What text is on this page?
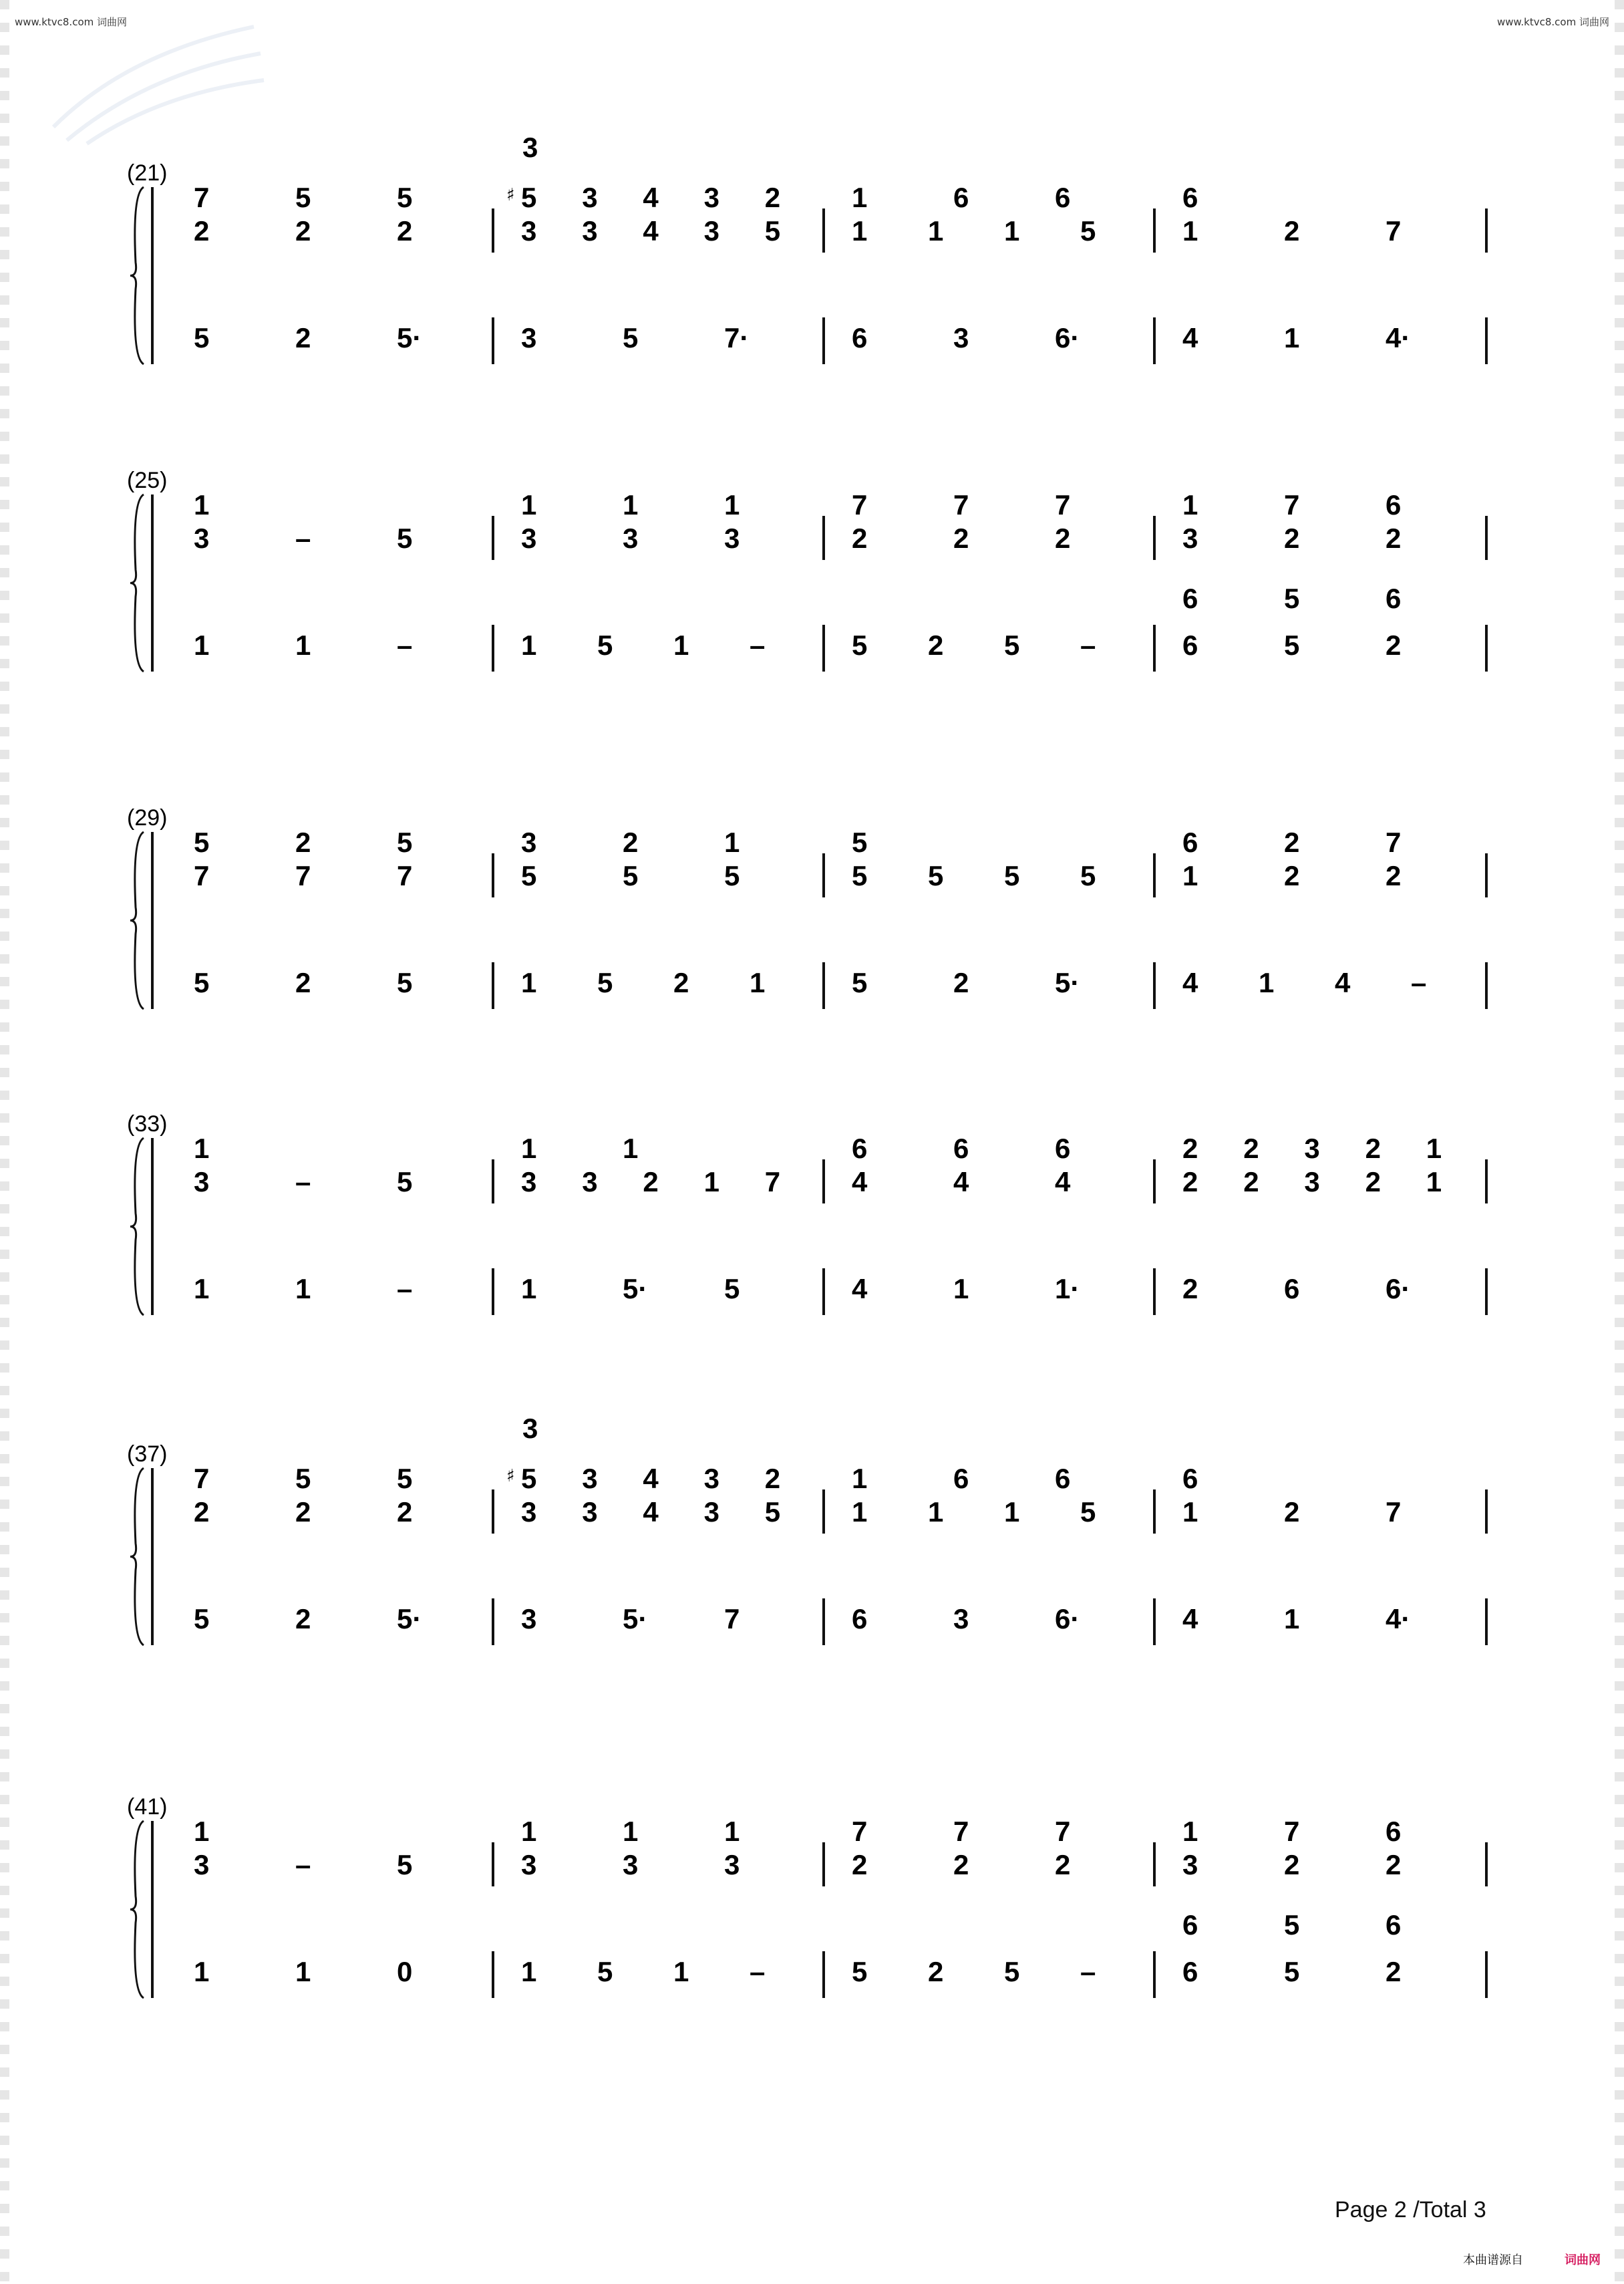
www.ktvc8.com 词曲网	www.ktvc8.com 词曲网
(21)
7	5	5	5 3 4 3 2	1	6	6	6
2	2	2	3 3 4 3 5	1 1 1 5	1	2	7
5	2	5·	3	5	7·	6	3	6·	4	1	4·
3
♯
(25)
1	1	1	1	7	7	7	1	7	6
3	–	5	3	3	3	2	2	2	3	2	2
1	1	–	1 5 1 –	5 2 5 –	6	5	2
6	5	6
(29)
5	2	5	3	2	1	5	6	2	7
7	7	7	5	5	5	5 5 5 5	1	2	2
5	2	5	1 5 2 1	5	2	5·	4 1 4 –
(33)
1	1	1	6	6	6	2 2 3 2 1
3	–	5	3 3 2 1 7	4	4	4	2 2 3 2 1
1	1	–	1	5·	5	4	1	1·	2	6	6·
(37)
7	5	5	5 3 4 3 2	1	6	6	6
2	2	2	3 3 4 3 5	1 1 1 5	1	2	7
5	2	5·	3	5·	7	6	3	6·	4	1	4·
3
♯
(41)
1	1	1	1	7	7	7	1	7	6
3	–	5	3	3	3	2	2	2	3	2	2
1	1	0	1 5 1 –	5 2 5 –	6	5	2
6	5	6
Page 2 /Total 3
本曲谱源自	词曲网
